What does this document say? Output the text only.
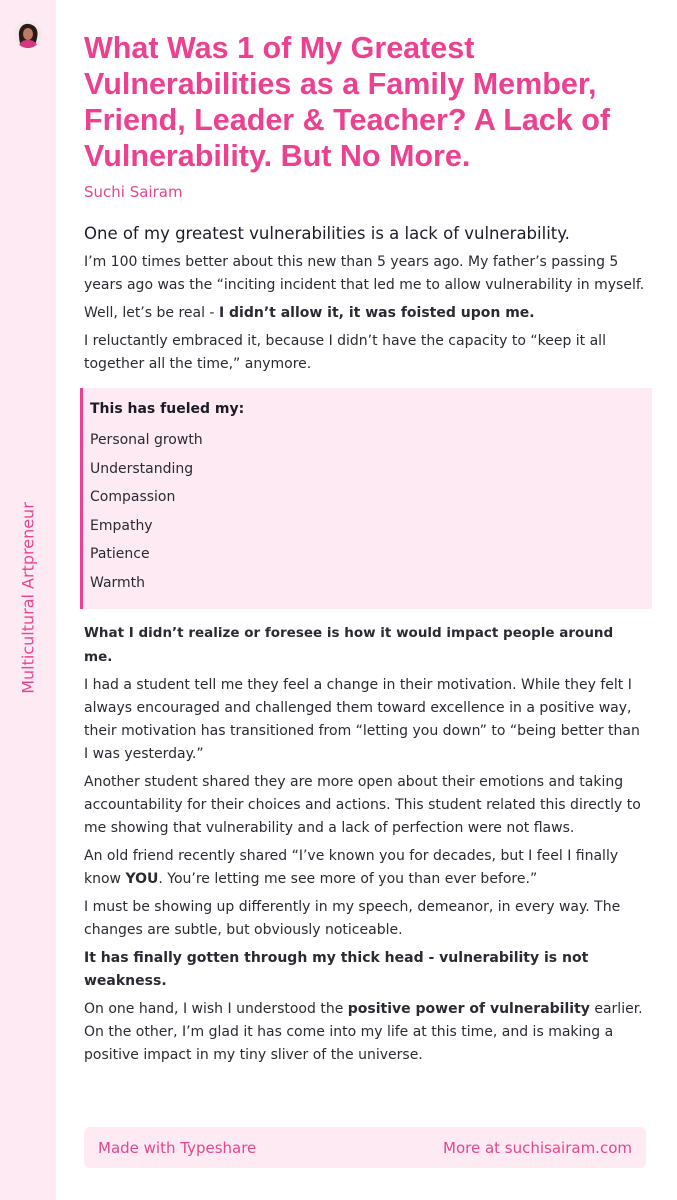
Multicultural Artpreneur
What Was 1 of My Greatest Vulnerabilities as a Family Member, Friend, Leader & Teacher? A Lack of Vulnerability. But No More.
Suchi Sairam
One of my greatest vulnerabilities is a lack of vulnerability.

I’m 100 times better about this new than 5 years ago. My father’s passing 5 years ago was the “inciting incident that led me to allow vulnerability in myself.

Well, let’s be real - I didn’t allow it, it was foisted upon me.

I reluctantly embraced it, because I didn’t have the capacity to “keep it all together all the time,” anymore.

This has fueled my:
Personal growth
Understanding
Compassion
Empathy
Patience
Warmth

What I didn’t realize or foresee is how it would impact people around me.

I had a student tell me they feel a change in their motivation. While they felt I always encouraged and challenged them toward excellence in a positive way, their motivation has transitioned from “letting you down” to “being better than I was yesterday.”

Another student shared they are more open about their emotions and taking accountability for their choices and actions. This student related this directly to me showing that vulnerability and a lack of perfection were not flaws.

An old friend recently shared “I’ve known you for decades, but I feel I finally know YOU. You’re letting me see more of you than ever before.”

I must be showing up differently in my speech, demeanor, in every way. The changes are subtle, but obviously noticeable.

It has finally gotten through my thick head - vulnerability is not weakness.

On one hand, I wish I understood the positive power of vulnerability earlier. On the other, I’m glad it has come into my life at this time, and is making a positive impact in my tiny sliver of the universe.

Made with Typeshare	More at suchisairam.com
